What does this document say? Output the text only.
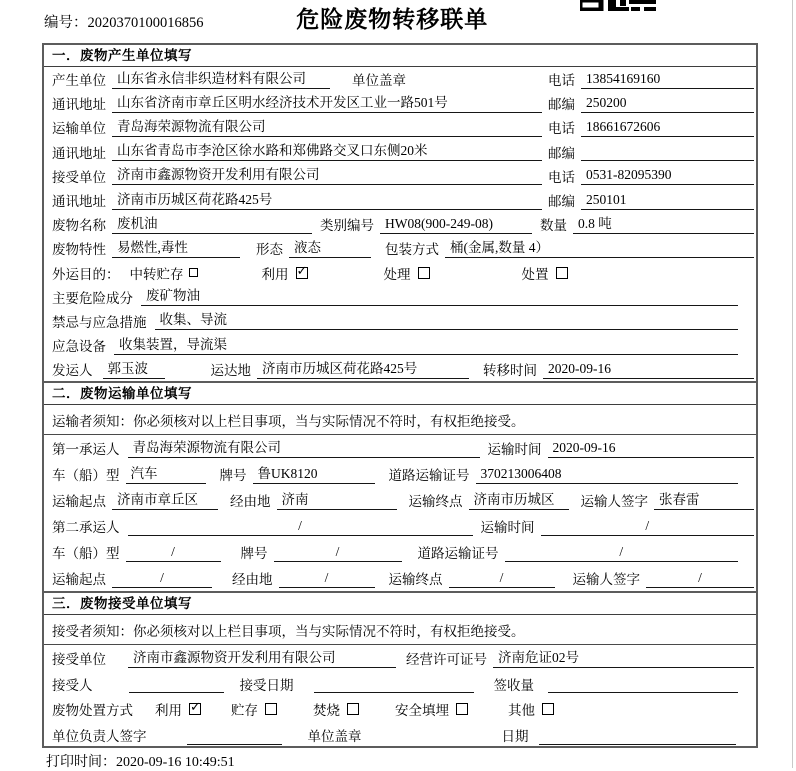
编号：2020370100016856	危险废物转移联单
一．废物产生单位填写
产生单位 山东省永信非织造材料有限公司	单位盖章	电话 13854169160
通讯地址 山东省济南市章丘区明水经济技术开发区工业一路501号	邮编 250200
运输单位 青岛海荣源物流有限公司	电话 18661672606
通讯地址 山东省青岛市李沧区徐水路和郑佛路交叉口东侧20米	邮编
接受单位 济南市鑫源物资开发利用有限公司	电话 0531-82095390
通讯地址 济南市历城区荷花路425号	邮编 250101
废物名称 废机油	类别编号 HW08(900-249-08)	数量 0.8 吨
废物特性 易燃性,毒性	形态 液态	包装方式 桶(金属,数量 4）
外运目的： 中转贮存	利用 ✓	处理	处置
主要危险成分 废矿物油
禁忌与应急措施 收集、导流
应急设备 收集装置，导流渠
发运人	郭玉波	运达地 济南市历城区荷花路425号	转移时间 2020-09-16
二．废物运输单位填写
运输者须知：你必须核对以上栏目事项，当与实际情况不符时，有权拒绝接受。
第一承运人 青岛海荣源物流有限公司	运输时间 2020-09-16
车（船）型 汽车	牌号 鲁UK8120	道路运输证号 370213006408
运输起点 济南市章丘区	经由地 济南	运输终点 济南市历城区	运输人签字 张春雷
第二承运人	/	运输时间	/
车（船）型	/	牌号	/	道路运输证号	/
运输起点	/	经由地	/	运输终点	/	运输人签字	/
三．废物接受单位填写
接受者须知：你必须核对以上栏目事项，当与实际情况不符时，有权拒绝接受。
接受单位	济南市鑫源物资开发利用有限公司	经营许可证号 济南危证02号
接受人	接受日期	签收量
废物处置方式 利用 ✓	贮存	焚烧	安全填埋	其他
单位负责人签字	单位盖章	日期
打印时间：2020-09-16 10:49:51
